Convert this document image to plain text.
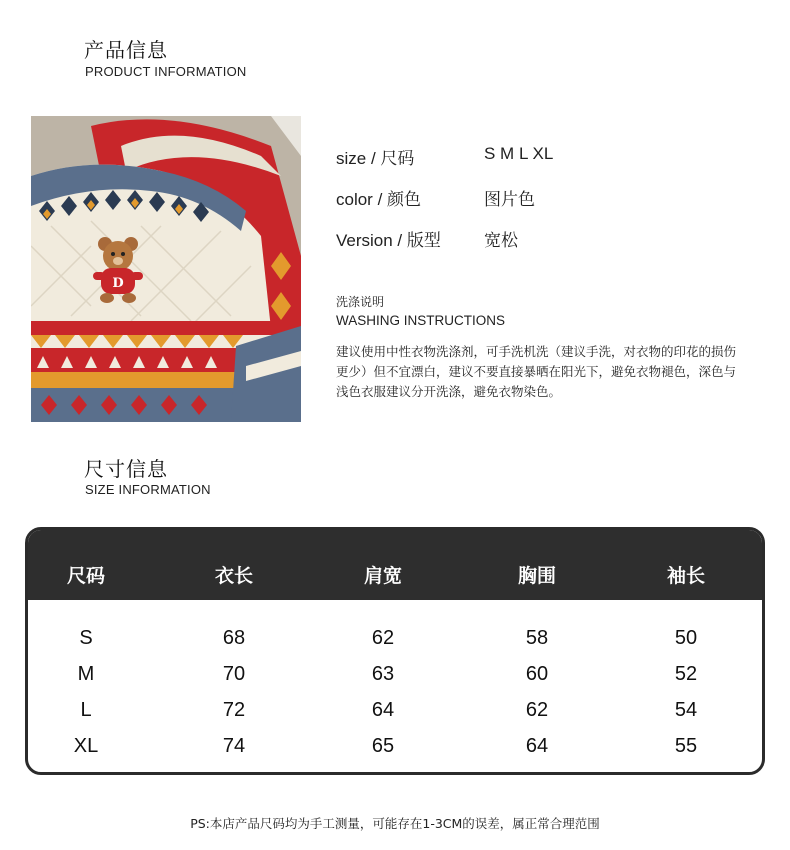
产品信息
PRODUCT INFORMATION
D
size / 尺码	S M L XL
color / 颜色	图片色
Version / 版型	宽松
洗涤说明
WASHING INSTRUCTIONS
建议使用中性衣物洗涤剂，可手洗机洗（建议手洗，对衣物的印花的损伤更少）但不宜漂白，建议不要直接暴晒在阳光下，避免衣物褪色，深色与浅色衣服建议分开洗涤，避免衣物染色。
尺寸信息
SIZE INFORMATION
尺码	衣长	肩宽	胸围	袖长
S	68	62	58	50
M	70	63	60	52
L	72	64	62	54
XL	74	65	64	55
PS:本店产品尺码均为手工测量，可能存在1-3CM的误差，属正常合理范围
